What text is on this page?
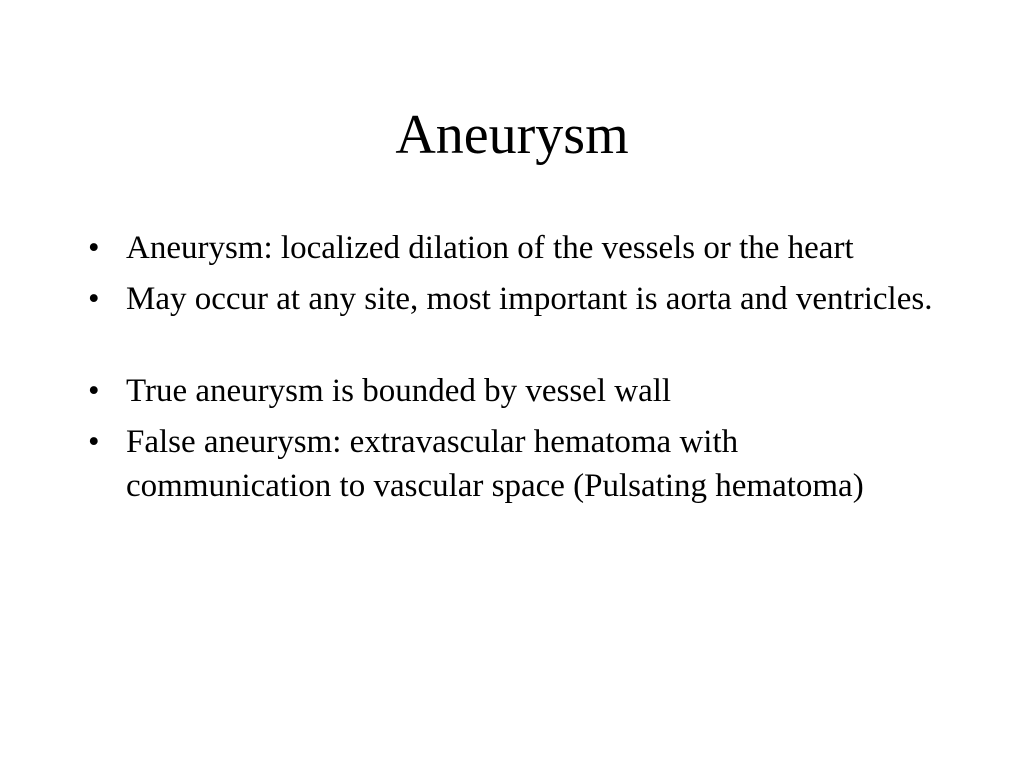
Aneurysm
• Aneurysm: localized dilation of the vessels or the heart
• May occur at any site, most important is aorta and ventricles.
• True aneurysm is bounded by vessel wall
• False aneurysm: extravascular hematoma with communication to vascular space (Pulsating hematoma)
